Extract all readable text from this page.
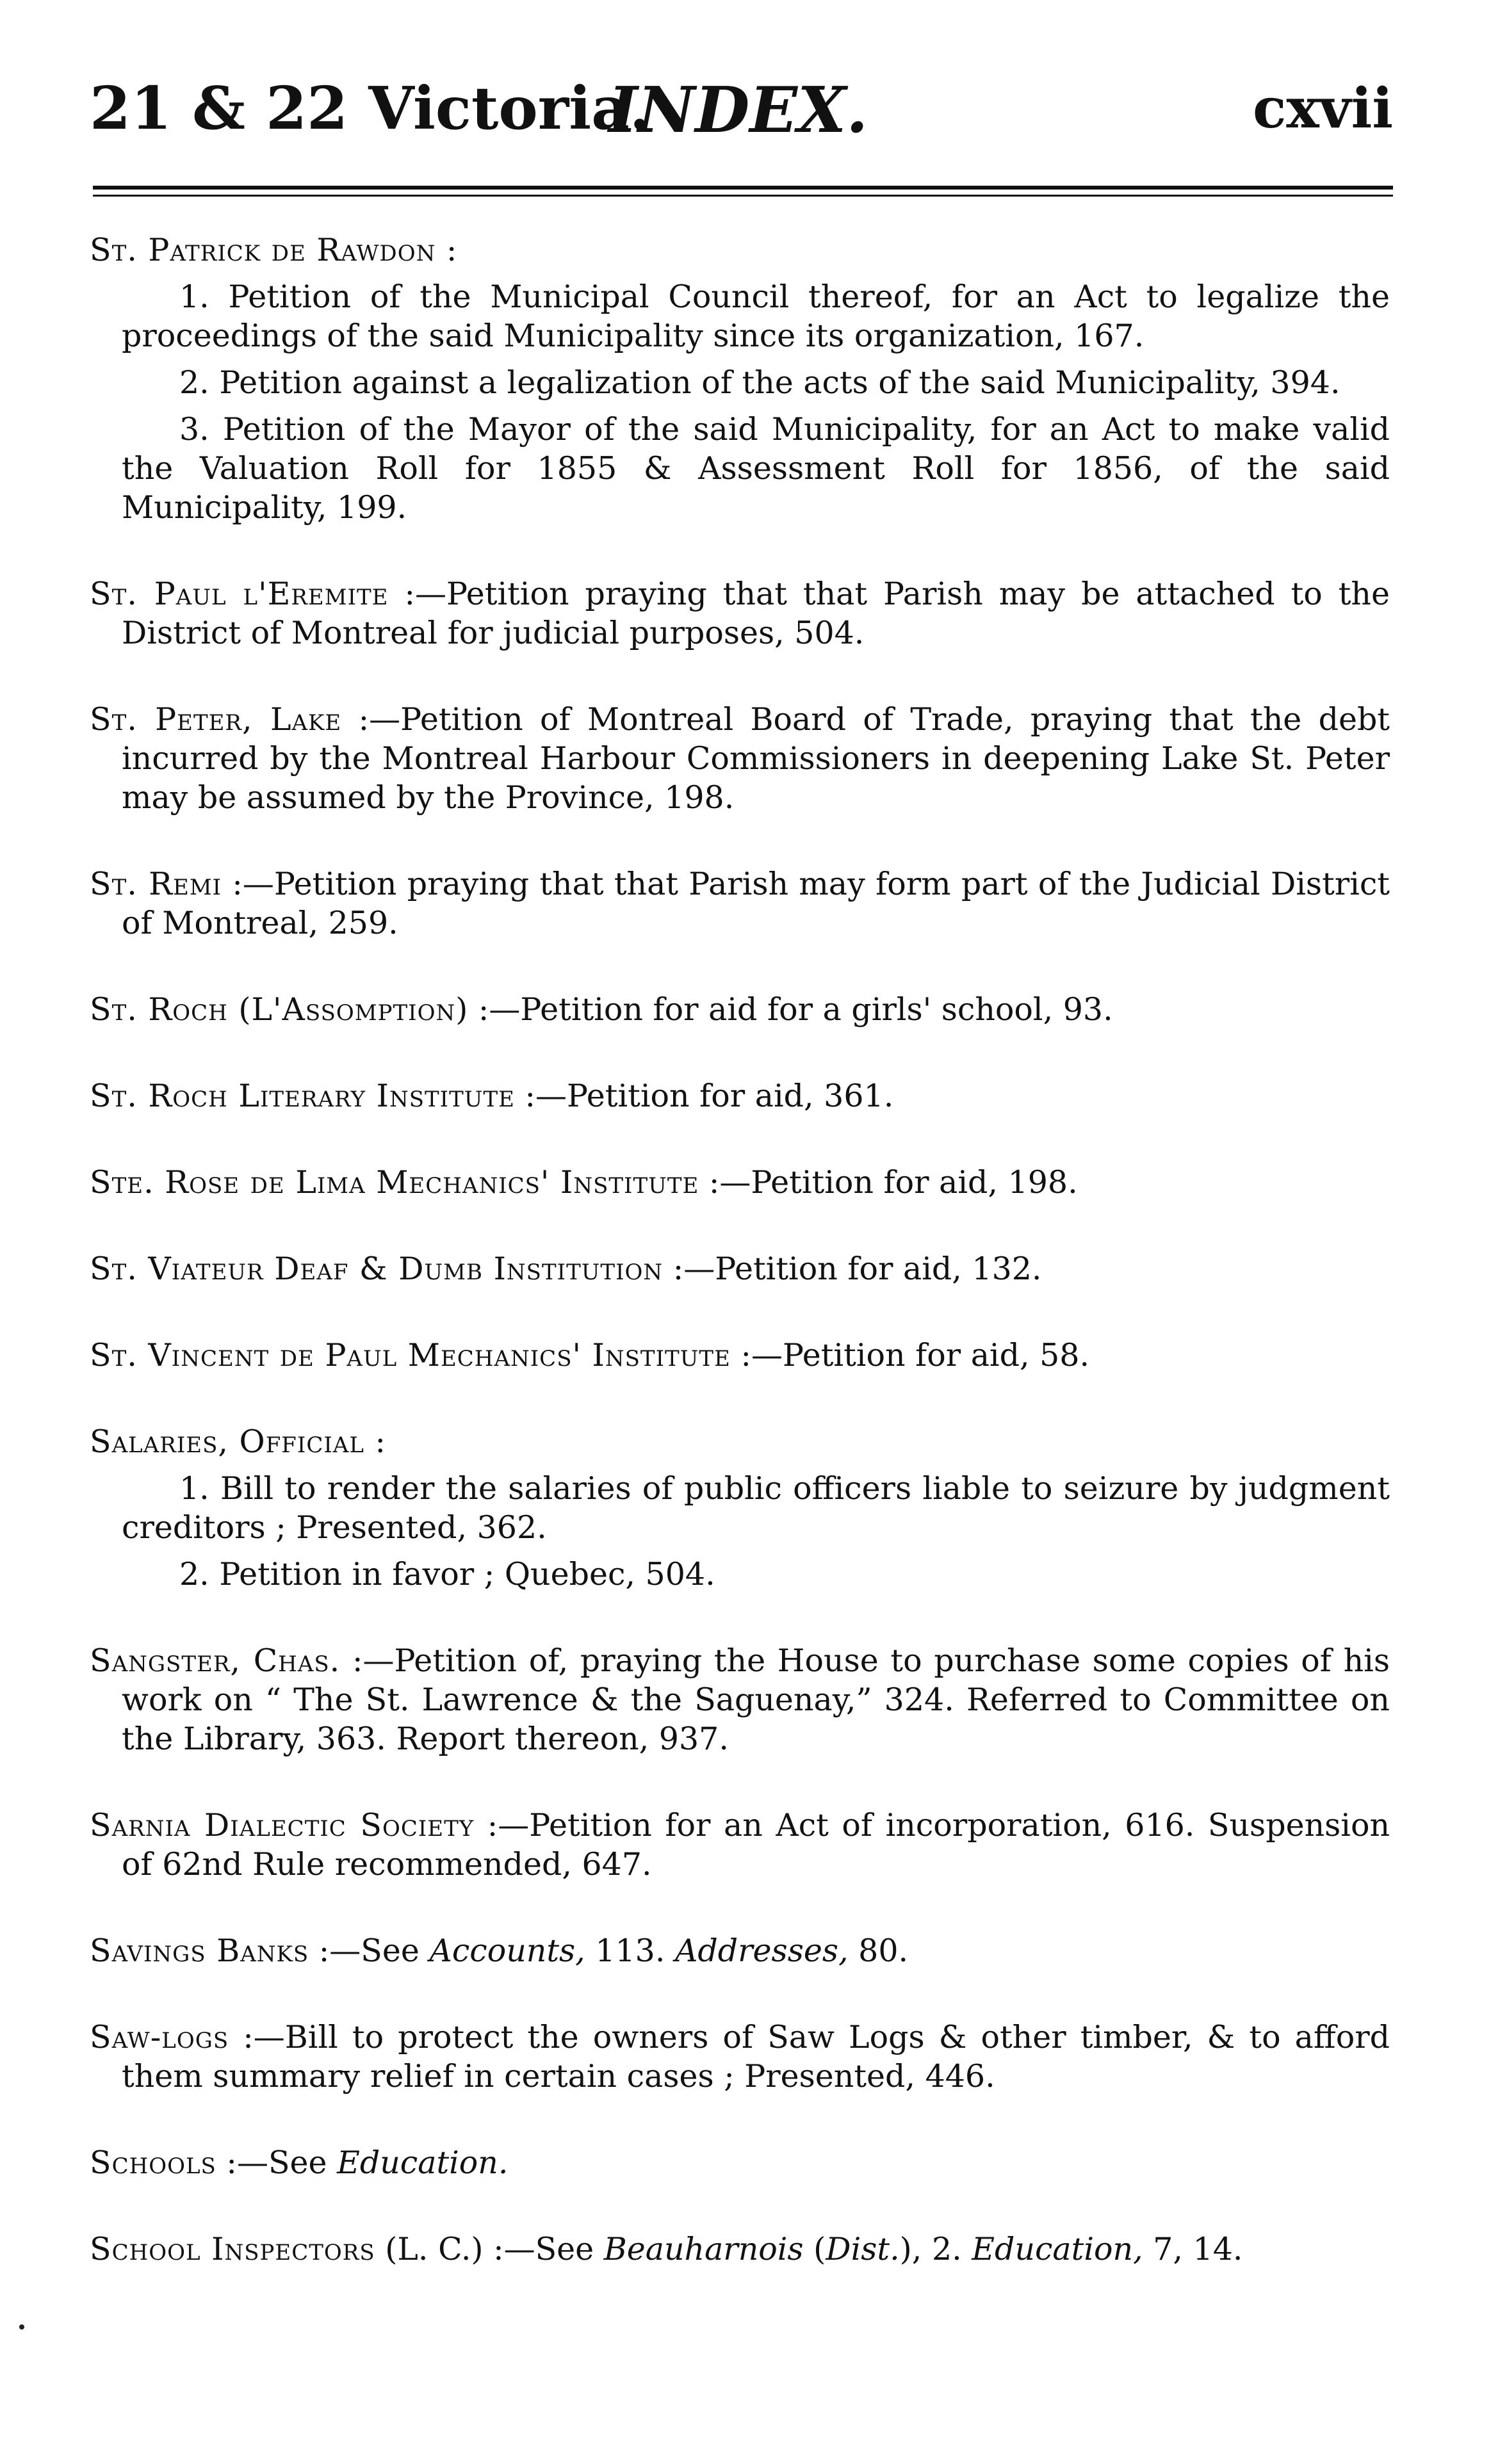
21 & 22 Victoria.
INDEX.	cxvii
St. Patrick de Rawdon :
1. Petition of the Municipal Council thereof, for an Act to legalize the proceedings of the said Municipality since its organization, 167.
2. Petition against a legalization of the acts of the said Municipality, 394.
3. Petition of the Mayor of the said Municipality, for an Act to make valid the Valuation Roll for 1855 & Assessment Roll for 1856, of the said Municipality, 199.
St. Paul l'Eremite :—Petition praying that that Parish may be attached to the District of Montreal for judicial purposes, 504.
St. Peter, Lake :—Petition of Montreal Board of Trade, praying that the debt incurred by the Montreal Harbour Commissioners in deepening Lake St. Peter may be assumed by the Province, 198.
St. Remi :—Petition praying that that Parish may form part of the Judicial District of Montreal, 259.
St. Roch (L'Assomption) :—Petition for aid for a girls' school, 93.
St. Roch Literary Institute :—Petition for aid, 361.
Ste. Rose de Lima Mechanics' Institute :—Petition for aid, 198.
St. Viateur Deaf & Dumb Institution :—Petition for aid, 132.
St. Vincent de Paul Mechanics' Institute :—Petition for aid, 58.
Salaries, Official :
1. Bill to render the salaries of public officers liable to seizure by judgment creditors ; Presented, 362.
2. Petition in favor ; Quebec, 504.
Sangster, Chas. :—Petition of, praying the House to purchase some copies of his work on “ The St. Lawrence & the Saguenay,” 324. Referred to Committee on the Library, 363. Report thereon, 937.
Sarnia Dialectic Society :—Petition for an Act of incorporation, 616. Suspension of 62nd Rule recommended, 647.
Savings Banks :—See Accounts, 113. Addresses, 80.
Saw-logs :—Bill to protect the owners of Saw Logs & other timber, & to afford them summary relief in certain cases ; Presented, 446.
Schools :—See Education.
School Inspectors (L. C.) :—See Beauharnois (Dist.), 2. Education, 7, 14.
